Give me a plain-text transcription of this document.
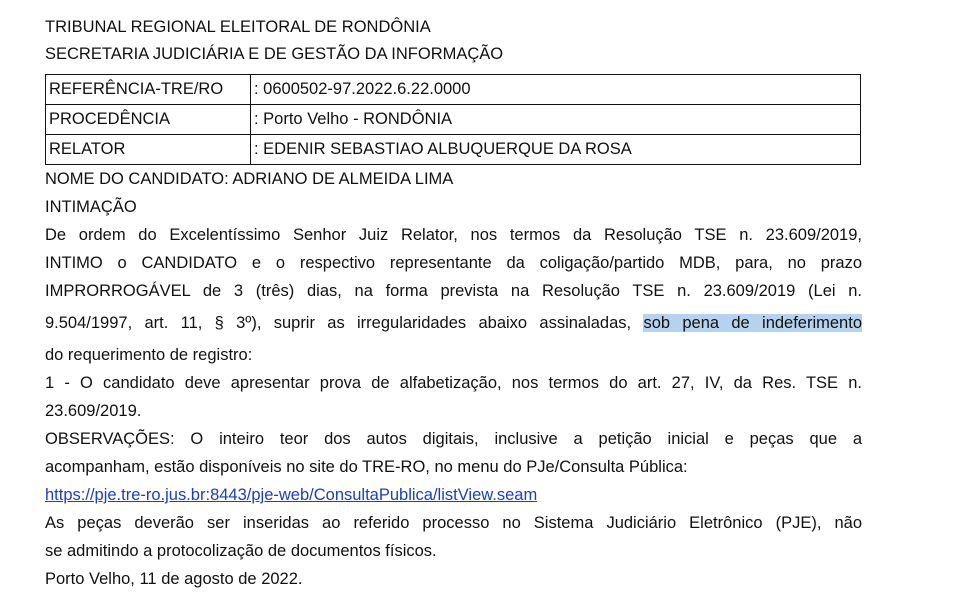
TRIBUNAL REGIONAL ELEITORAL DE RONDÔNIA
SECRETARIA JUDICIÁRIA E DE GESTÃO DA INFORMAÇÃO
REFERÊNCIA-TRE/RO	: 0600502-97.2022.6.22.0000
PROCEDÊNCIA	: Porto Velho - RONDÔNIA
RELATOR	: EDENIR SEBASTIAO ALBUQUERQUE DA ROSA
NOME DO CANDIDATO: ADRIANO DE ALMEIDA LIMA
INTIMAÇÃO
De ordem do Excelentíssimo Senhor Juiz Relator, nos termos da Resolução TSE n. 23.609/2019,
INTIMO o CANDIDATO e o respectivo representante da coligação/partido MDB, para, no prazo
IMPRORROGÁVEL de 3 (três) dias, na forma prevista na Resolução TSE n. 23.609/2019 (Lei n.
9.504/1997, art. 11, § 3º), suprir as irregularidades abaixo assinaladas, sob pena de indeferimento
do requerimento de registro:
1 - O candidato deve apresentar prova de alfabetização, nos termos do art. 27, IV, da Res. TSE n.
23.609/2019.
OBSERVAÇÕES: O inteiro teor dos autos digitais, inclusive a petição inicial e peças que a
acompanham, estão disponíveis no site do TRE-RO, no menu do PJe/Consulta Pública:
https://pje.tre-ro.jus.br:8443/pje-web/ConsultaPublica/listView.seam
As peças deverão ser inseridas ao referido processo no Sistema Judiciário Eletrônico (PJE), não
se admitindo a protocolização de documentos físicos.
Porto Velho, 11 de agosto de 2022.
